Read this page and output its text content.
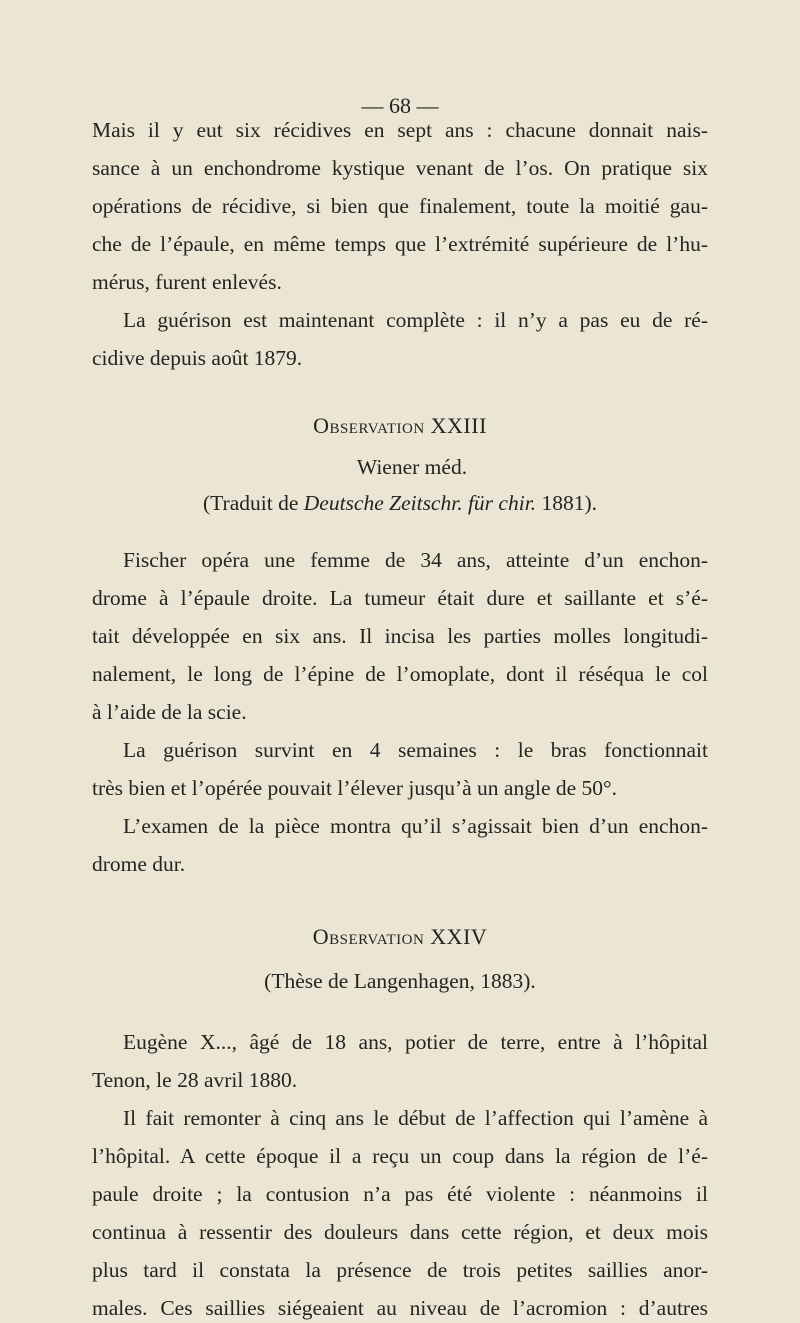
— 68 —
Mais il y eut six récidives en sept ans : chacune donnait nais-
sance à un enchondrome kystique venant de l’os. On pratique six
opérations de récidive, si bien que finalement, toute la moitié gau-
che de l’épaule, en même temps que l’extrémité supérieure de l’hu-
mérus, furent enlevés.
La guérison est maintenant complète : il n’y a pas eu de ré-
cidive depuis août 1879.
Fischer opéra une femme de 34 ans, atteinte d’un enchon-
drome à l’épaule droite. La tumeur était dure et saillante et s’é-
tait développée en six ans. Il incisa les parties molles longitudi-
nalement, le long de l’épine de l’omoplate, dont il réséqua le col
à l’aide de la scie.
La guérison survint en 4 semaines : le bras fonctionnait
très bien et l’opérée pouvait l’élever jusqu’à un angle de 50°.
L’examen de la pièce montra qu’il s’agissait bien d’un enchon-
drome dur.
Eugène X..., âgé de 18 ans, potier de terre, entre à l’hôpital
Tenon, le 28 avril 1880.
Il fait remonter à cinq ans le début de l’affection qui l’amène à
l’hôpital. A cette époque il a reçu un coup dans la région de l’é-
paule droite ; la contusion n’a pas été violente : néanmoins il
continua à ressentir des douleurs dans cette région, et deux mois
plus tard il constata la présence de trois petites saillies anor-
males. Ces saillies siégeaient au niveau de l’acromion : d’autres
Observation XXIII
Wiener méd.
(Traduit de Deutsche Zeitschr. für chir. 1881).
Observation XXIV
(Thèse de Langenhagen, 1883).
